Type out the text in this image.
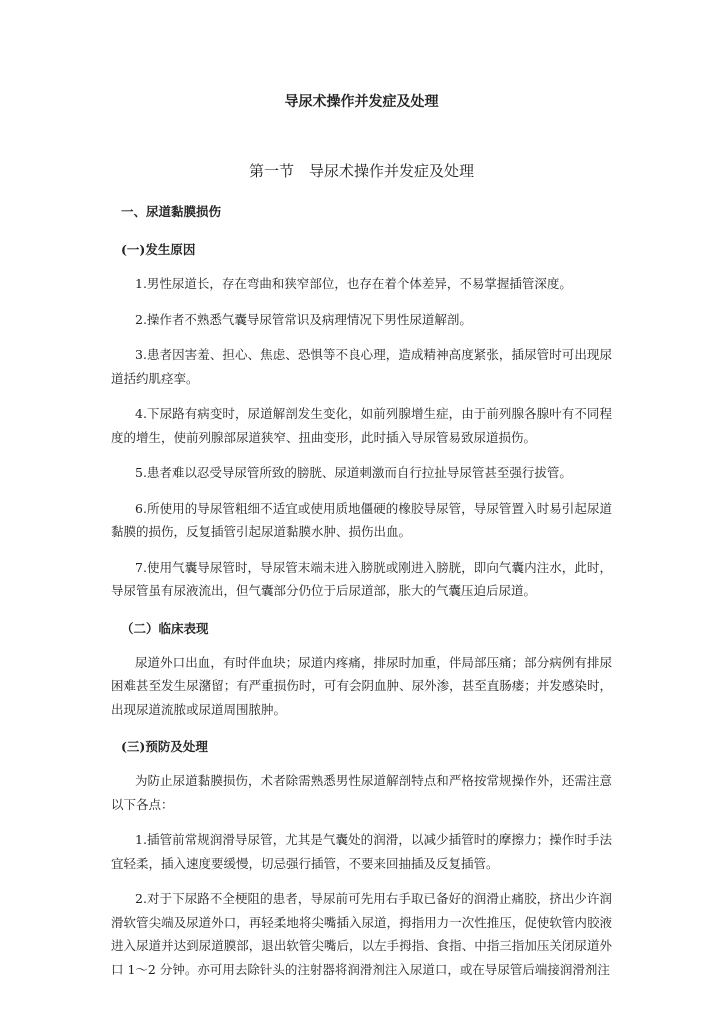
导尿术操作并发症及处理
第一节　导尿术操作并发症及处理
一、尿道黏膜损伤
(一)发生原因

1.男性尿道长，存在弯曲和狭窄部位，也存在着个体差异，不易掌握插管深度。

2.操作者不熟悉气囊导尿管常识及病理情况下男性尿道解剖。

3.患者因害羞、担心、焦虑、恐惧等不良心理，造成精神高度紧张，插尿管时可出现尿道括约肌痉挛。

4.下尿路有病变时，尿道解剖发生变化，如前列腺增生症，由于前列腺各腺叶有不同程度的增生，使前列腺部尿道狭窄、扭曲变形，此时插入导尿管易致尿道损伤。

5.患者难以忍受导尿管所致的膀胱、尿道刺激而自行拉扯导尿管甚至强行拔管。

6.所使用的导尿管粗细不适宜或使用质地僵硬的橡胶导尿管，导尿管置入时易引起尿道黏膜的损伤，反复插管引起尿道黏膜水肿、损伤出血。

7.使用气囊导尿管时，导尿管末端未进入膀胱或刚进入膀胱，即向气囊内注水，此时，导尿管虽有尿液流出，但气囊部分仍位于后尿道部，胀大的气囊压迫后尿道。

（二）临床表现

尿道外口出血，有时伴血块；尿道内疼痛，排尿时加重，伴局部压痛；部分病例有排尿困难甚至发生尿潴留；有严重损伤时，可有会阴血肿、尿外渗，甚至直肠瘘；并发感染时，出现尿道流脓或尿道周围脓肿。

(三)预防及处理

为防止尿道黏膜损伤，术者除需熟悉男性尿道解剖特点和严格按常规操作外，还需注意以下各点：

1.插管前常规润滑导尿管，尤其是气囊处的润滑，以减少插管时的摩擦力；操作时手法宜轻柔，插入速度要缓慢，切忌强行插管，不要来回抽插及反复插管。

2.对于下尿路不全梗阻的患者，导尿前可先用右手取已备好的润滑止痛胶，挤出少许润滑软管尖端及尿道外口，再轻柔地将尖嘴插入尿道，拇指用力一次性推压，促使软管内胶液进入尿道并达到尿道膜部，退出软管尖嘴后，以左手拇指、食指、中指三指加压关闭尿道外口 1～2 分钟。亦可用去除针头的注射器将润滑剂注入尿道口，或在导尿管后端接润滑剂注
